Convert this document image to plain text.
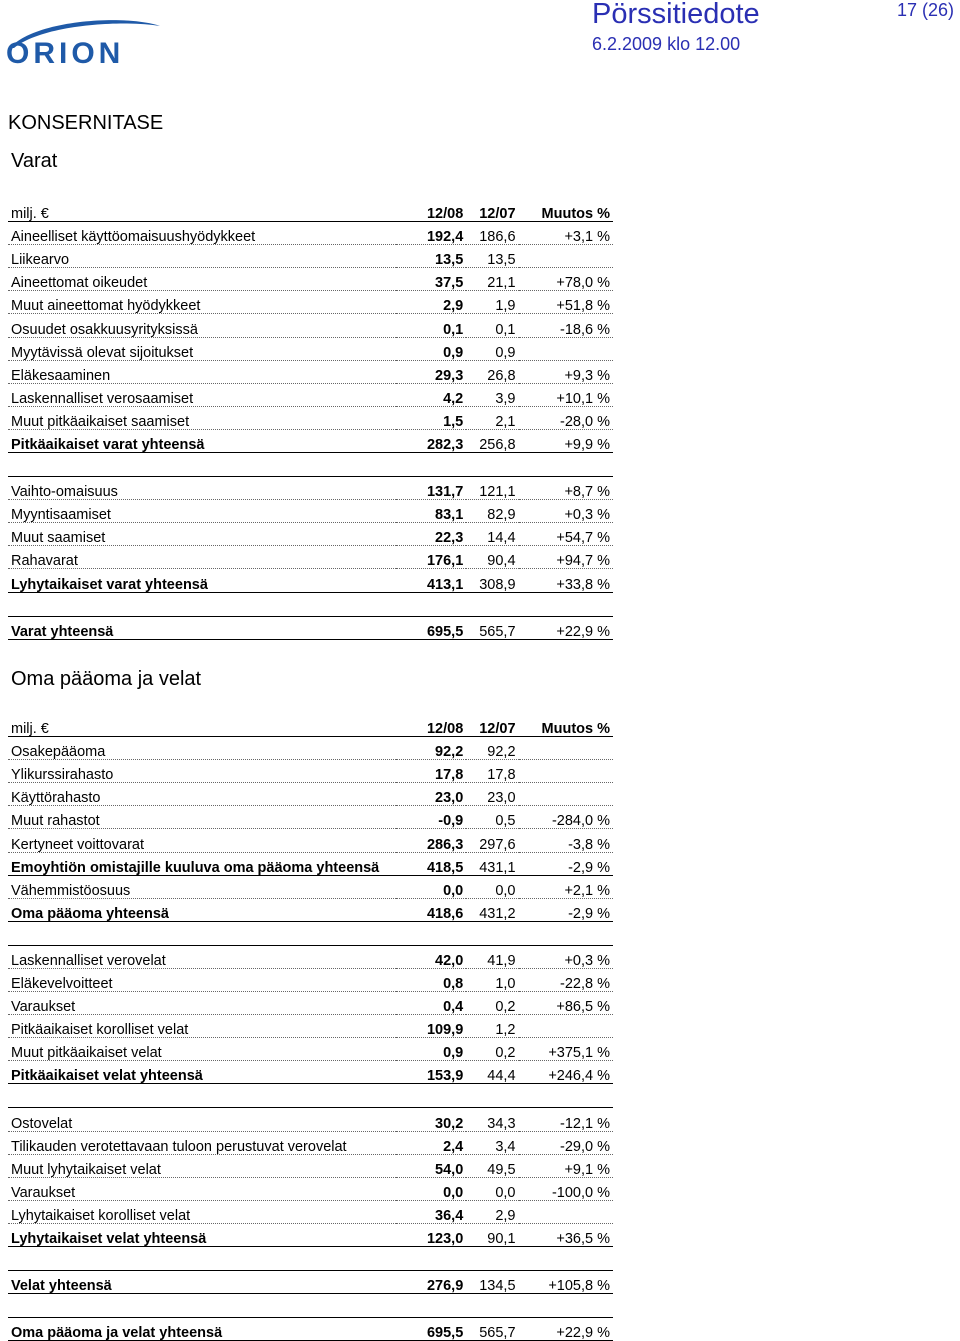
ORION
Pörssitiedote
6.2.2009 klo 12.00
17 (26)
KONSERNITASE
Varat
milj. €	12/08	12/07	Muutos %
Aineelliset käyttöomaisuushyödykkeet	192,4	186,6	+3,1 %
Liikearvo	13,5	13,5	
Aineettomat oikeudet	37,5	21,1	+78,0 %
Muut aineettomat hyödykkeet	2,9	1,9	+51,8 %
Osuudet osakkuusyrityksissä	0,1	0,1	-18,6 %
Myytävissä olevat sijoitukset	0,9	0,9	
Eläkesaaminen	29,3	26,8	+9,3 %
Laskennalliset verosaamiset	4,2	3,9	+10,1 %
Muut pitkäaikaiset saamiset	1,5	2,1	-28,0 %
Pitkäaikaiset varat yhteensä	282,3	256,8	+9,9 %

Vaihto-omaisuus	131,7	121,1	+8,7 %
Myyntisaamiset	83,1	82,9	+0,3 %
Muut saamiset	22,3	14,4	+54,7 %
Rahavarat	176,1	90,4	+94,7 %
Lyhytaikaiset varat yhteensä	413,1	308,9	+33,8 %

Varat yhteensä	695,5	565,7	+22,9 %
Oma pääoma ja velat
milj. €	12/08	12/07	Muutos %
Osakepääoma	92,2	92,2	
Ylikurssirahasto	17,8	17,8	
Käyttörahasto	23,0	23,0	
Muut rahastot	-0,9	0,5	-284,0 %
Kertyneet voittovarat	286,3	297,6	-3,8 %
Emoyhtiön omistajille kuuluva oma pääoma yhteensä	418,5	431,1	-2,9 %
Vähemmistöosuus	0,0	0,0	+2,1 %
Oma pääoma yhteensä	418,6	431,2	-2,9 %

Laskennalliset verovelat	42,0	41,9	+0,3 %
Eläkevelvoitteet	0,8	1,0	-22,8 %
Varaukset	0,4	0,2	+86,5 %
Pitkäaikaiset korolliset velat	109,9	1,2	
Muut pitkäaikaiset velat	0,9	0,2	+375,1 %
Pitkäaikaiset velat yhteensä	153,9	44,4	+246,4 %

Ostovelat	30,2	34,3	-12,1 %
Tilikauden verotettavaan tuloon perustuvat verovelat	2,4	3,4	-29,0 %
Muut lyhytaikaiset velat	54,0	49,5	+9,1 %
Varaukset	0,0	0,0	-100,0 %
Lyhytaikaiset korolliset velat	36,4	2,9	
Lyhytaikaiset velat yhteensä	123,0	90,1	+36,5 %

Velat yhteensä	276,9	134,5	+105,8 %

Oma pääoma ja velat yhteensä	695,5	565,7	+22,9 %
